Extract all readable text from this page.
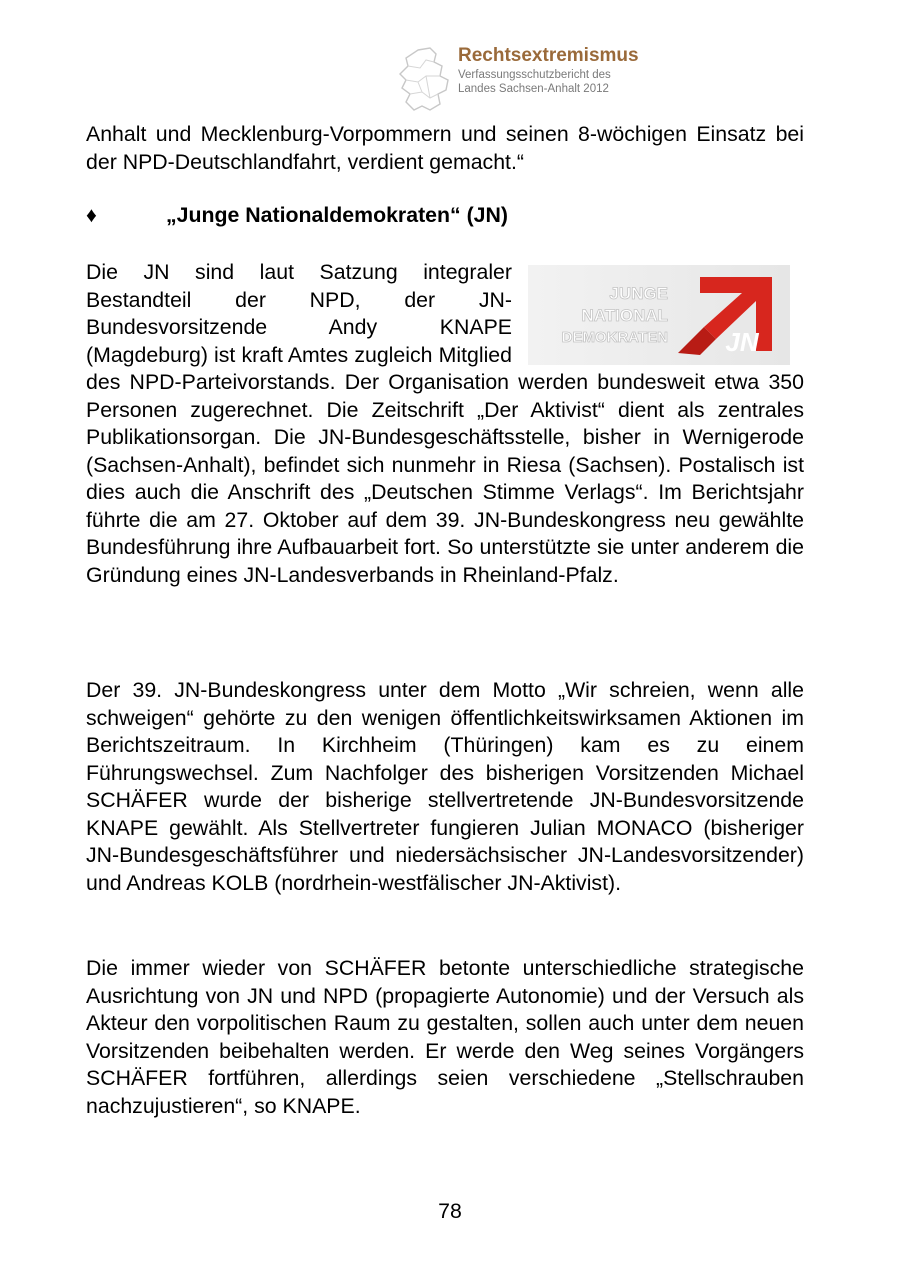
Rechtsextremismus
Verfassungsschutzbericht des
Landes Sachsen-Anhalt 2012
Anhalt und Mecklenburg-Vorpommern und seinen 8-wöchigen Einsatz bei der NPD-Deutschlandfahrt, verdient gemacht.“
♦	„Junge Nationaldemokraten“ (JN)
JUNGE
NATIONAL
DEMOKRATEN JN
Die JN sind laut Satzung integraler Bestandteil der NPD, der JN-Bundesvorsitzende Andy KNAPE (Magdeburg) ist kraft Amtes zugleich Mitglied des NPD-Parteivorstands. Der Organisation werden bundesweit etwa 350 Personen zugerechnet. Die Zeitschrift „Der Aktivist“ dient als zentrales Publikationsorgan. Die JN-Bundesgeschäftsstelle, bisher in Wernigerode (Sachsen-Anhalt), befindet sich nunmehr in Riesa (Sachsen). Postalisch ist dies auch die Anschrift des „Deutschen Stimme Verlags“. Im Berichtsjahr führte die am 27. Oktober auf dem 39. JN-Bundeskongress neu gewählte Bundesführung ihre Aufbauarbeit fort. So unterstützte sie unter anderem die Gründung eines JN-Landesverbands in Rheinland-Pfalz.
Der 39. JN-Bundeskongress unter dem Motto „Wir schreien, wenn alle schweigen“ gehörte zu den wenigen öffentlichkeitswirksamen Aktionen im Berichtszeitraum. In Kirchheim (Thüringen) kam es zu einem Führungswechsel. Zum Nachfolger des bisherigen Vorsitzenden Michael SCHÄFER wurde der bisherige stellvertretende JN-Bundesvorsitzende KNAPE gewählt. Als Stellvertreter fungieren Julian MONACO (bisheriger JN-Bundesgeschäftsführer und niedersächsischer JN-Landesvorsitzender) und Andreas KOLB (nordrhein-westfälischer JN-Aktivist).
Die immer wieder von SCHÄFER betonte unterschiedliche strategische Ausrichtung von JN und NPD (propagierte Autonomie) und der Versuch als Akteur den vorpolitischen Raum zu gestalten, sollen auch unter dem neuen Vorsitzenden beibehalten werden. Er werde den Weg seines Vorgängers SCHÄFER fortführen, allerdings seien verschiedene „Stellschrauben nachzujustieren“, so KNAPE.
78
